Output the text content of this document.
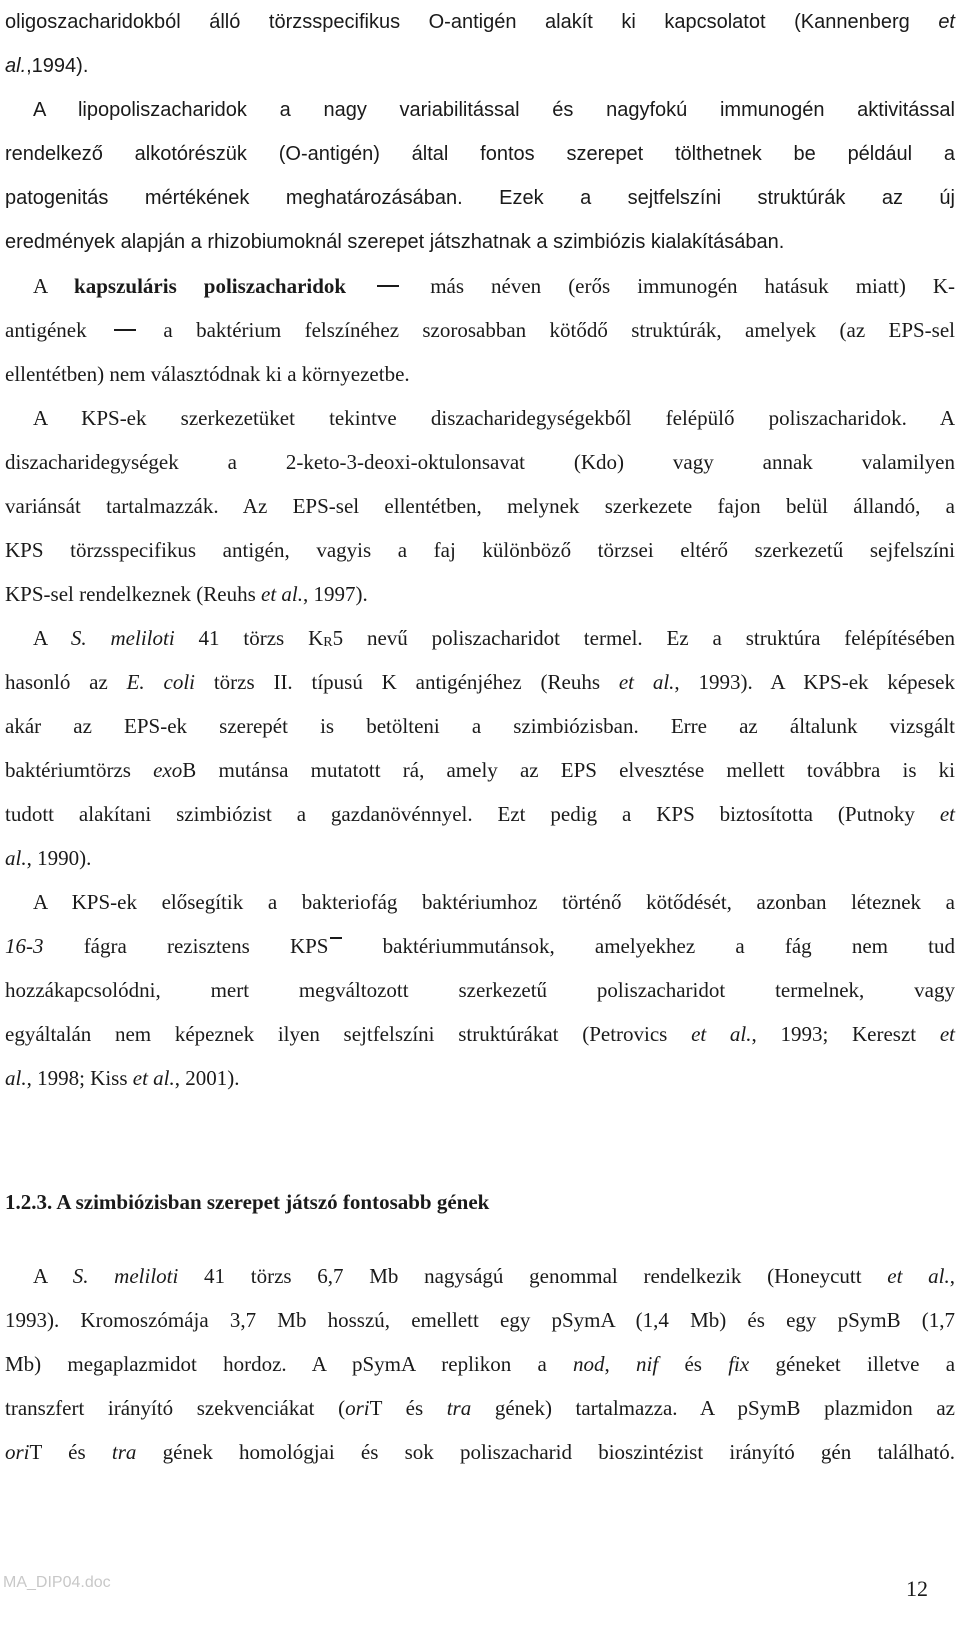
oligoszacharidokból álló törzsspecifikus O-antigén alakít ki kapcsolatot (Kannenberg et
al.,1994).
A lipopoliszacharidok a nagy variabilitással és nagyfokú immunogén aktivitással
rendelkező alkotórészük (O-antigén) által fontos szerepet tölthetnek be például a
patogenitás mértékének meghatározásában. Ezek a sejtfelszíni struktúrák az új
eredmények alapján a rhizobiumoknál szerepet játszhatnak a szimbiózis kialakításában.
A kapszuláris poliszacharidok	más néven (erős immunogén hatásuk miatt) K-
antigének	a baktérium felszínéhez szorosabban kötődő struktúrák, amelyek (az EPS-sel
ellentétben) nem választódnak ki a környezetbe.
A KPS-ek szerkezetüket tekintve diszacharidegységekből felépülő poliszacharidok. A
diszacharidegységek a 2-keto-3-deoxi-oktulonsavat (Kdo) vagy annak valamilyen
variánsát tartalmazzák. Az EPS-sel ellentétben, melynek szerkezete fajon belül állandó, a
KPS törzsspecifikus antigén, vagyis a faj különböző törzsei eltérő szerkezetű sejfelszíni
KPS-sel rendelkeznek (Reuhs et al., 1997).
A S. meliloti 41 törzs KR5 nevű poliszacharidot termel. Ez a struktúra felépítésében
hasonló az E. coli törzs II. típusú K antigénjéhez (Reuhs et al., 1993). A KPS-ek képesek
akár az EPS-ek szerepét is betölteni a szimbiózisban. Erre az általunk vizsgált
baktériumtörzs exoB mutánsa mutatott rá, amely az EPS elvesztése mellett továbbra is ki
tudott alakítani szimbiózist a gazdanövénnyel. Ezt pedig a KPS biztosította (Putnoky et
al., 1990).
A KPS-ek elősegítik a bakteriofág baktériumhoz történő kötődését, azonban léteznek a
16-3 fágra rezisztens KPS	baktériummutánsok, amelyekhez a fág nem tud
hozzákapcsolódni, mert megváltozott szerkezetű poliszacharidot termelnek, vagy
egyáltalán nem képeznek ilyen sejtfelszíni struktúrákat (Petrovics et al., 1993; Kereszt et
al., 1998; Kiss et al., 2001).
1.2.3. A szimbiózisban szerepet játszó fontosabb gének
A S. meliloti 41 törzs 6,7 Mb nagyságú genommal rendelkezik (Honeycutt et al.,
1993). Kromoszómája 3,7 Mb hosszú, emellett egy pSymA (1,4 Mb) és egy pSymB (1,7
Mb) megaplazmidot hordoz. A pSymA replikon a nod, nif és fix géneket illetve a
transzfert irányító szekvenciákat (oriT és tra gének) tartalmazza. A pSymB plazmidon az
oriT és tra gének homológjai és sok poliszacharid bioszintézist irányító gén található.
MA_DIP04.doc	12
